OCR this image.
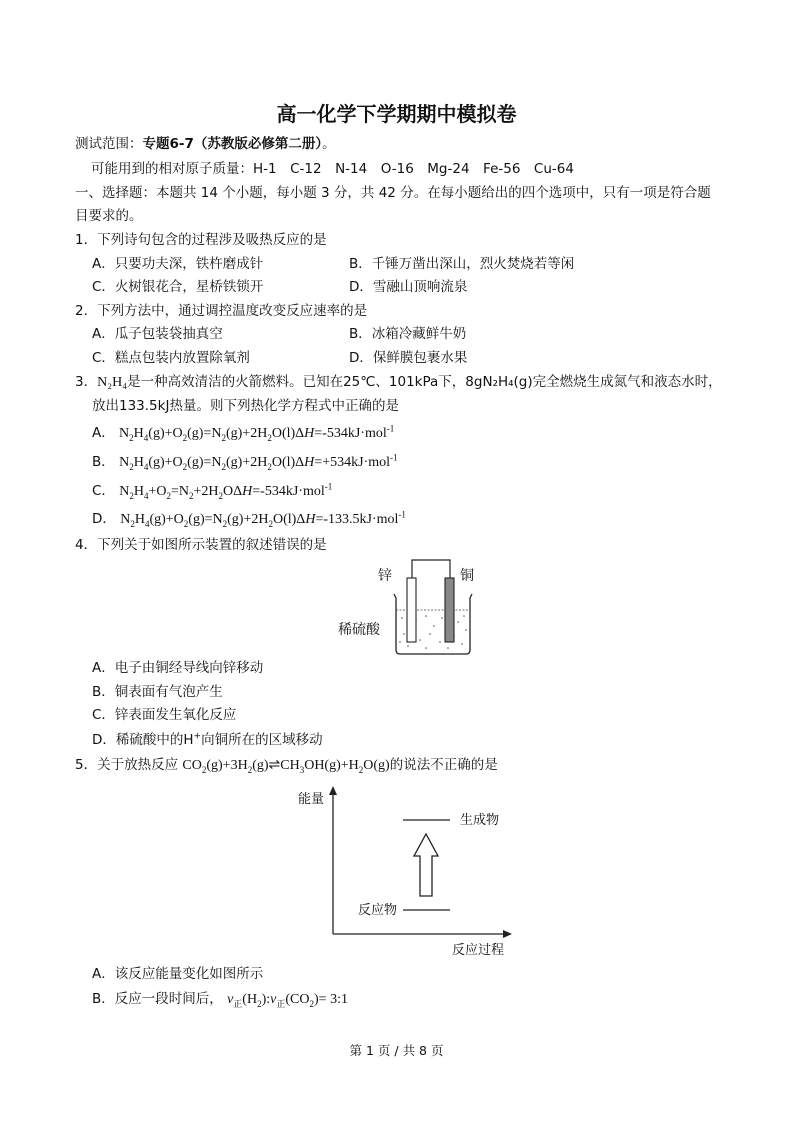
高一化学下学期期中模拟卷
测试范围：专题6-7（苏教版必修第二册）。
可能用到的相对原子质量：H-1　C-12　N-14　O-16　Mg-24　Fe-56　Cu-64
一、选择题：本题共 14 个小题，每小题 3 分，共 42 分。在每小题给出的四个选项中，只有一项是符合题
目要求的。
1．下列诗句包含的过程涉及吸热反应的是
A．只要功夫深，铁杵磨成针	B．千锤万凿出深山，烈火焚烧若等闲
C．火树银花合，星桥铁锁开	D．雪融山顶响流泉
2．下列方法中，通过调控温度改变反应速率的是
A．瓜子包装袋抽真空	B．冰箱冷藏鲜牛奶
C．糕点包装内放置除氧剂	D．保鲜膜包裹水果
3．N₂H₄是一种高效清洁的火箭燃料。已知在25℃、101kPa下，8gN₂H₄(g)完全燃烧生成氮气和液态水时，
放出133.5kJ热量。则下列热化学方程式中正确的是
A． $N_2H_4(g)+O_2(g)=N_2(g)+2H_2O(l)\Delta H=-534kJ\cdot mol^{-1}$
B． $N_2H_4(g)+O_2(g)=N_2(g)+2H_2O(l)\Delta H=+534kJ\cdot mol^{-1}$
C． $N_2H_4+O_2=N_2+2H_2O\Delta H=-534kJ\cdot mol^{-1}$
D． $N_2H_4(g)+O_2(g)=N_2(g)+2H_2O(l)\Delta H=-133.5kJ\cdot mol^{-1}$
4．下列关于如图所示装置的叙述错误的是
锌	铜
稀硫酸
A．电子由铜经导线向锌移动
B．铜表面有气泡产生
C．锌表面发生氧化反应
D．稀硫酸中的H+向铜所在的区域移动
5．关于放热反应 $CO_2(g)+3H_2(g)\rightleftharpoons CH_3OH(g)+H_2O(g)$的说法不正确的是
能量
生成物
反应物
反应过程
A．该反应能量变化如图所示
B．反应一段时间后， $v_正(H_2):v_正(CO_2)=$ 3:1
第 1 页 / 共 8 页
